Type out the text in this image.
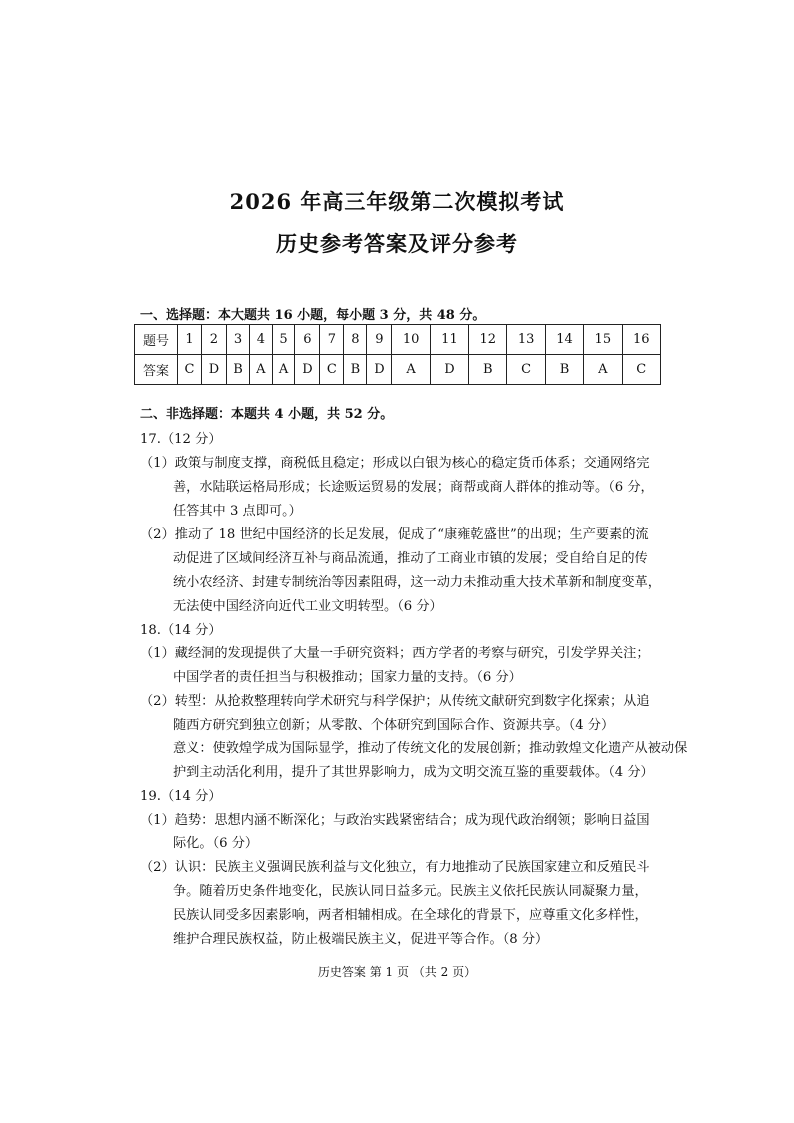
2026 年高三年级第二次模拟考试
历史参考答案及评分参考
一、选择题：本大题共 16 小题，每小题 3 分，共 48 分。
题号	1	2	3	4	5	6	7	8	9	10	11	12	13	14	15	16
答案	C	D	B	A	A	D	C	B	D	A	D	B	C	B	A	C
二、非选择题：本题共 4 小题，共 52 分。
17.（12 分）
（1）政策与制度支撑，商税低且稳定；形成以白银为核心的稳定货币体系；交通网络完
善，水陆联运格局形成；长途贩运贸易的发展；商帮或商人群体的推动等。（6 分，
任答其中 3 点即可。）
（2）推动了 18 世纪中国经济的长足发展，促成了“康雍乾盛世”的出现；生产要素的流
动促进了区域间经济互补与商品流通，推动了工商业市镇的发展；受自给自足的传
统小农经济、封建专制统治等因素阻碍，这一动力未推动重大技术革新和制度变革，
无法使中国经济向近代工业文明转型。（6 分）
18.（14 分）
（1）藏经洞的发现提供了大量一手研究资料；西方学者的考察与研究，引发学界关注；
中国学者的责任担当与积极推动；国家力量的支持。（6 分）
（2）转型：从抢救整理转向学术研究与科学保护；从传统文献研究到数字化探索；从追
随西方研究到独立创新；从零散、个体研究到国际合作、资源共享。（4 分）
意义：使敦煌学成为国际显学，推动了传统文化的发展创新；推动敦煌文化遗产从被动保
护到主动活化利用，提升了其世界影响力，成为文明交流互鉴的重要载体。（4 分）
19.（14 分）
（1）趋势：思想内涵不断深化；与政治实践紧密结合；成为现代政治纲领；影响日益国
际化。（6 分）
（2）认识：民族主义强调民族利益与文化独立，有力地推动了民族国家建立和反殖民斗
争。随着历史条件地变化，民族认同日益多元。民族主义依托民族认同凝聚力量，
民族认同受多因素影响，两者相辅相成。在全球化的背景下，应尊重文化多样性，
维护合理民族权益，防止极端民族主义，促进平等合作。（8 分）
历史答案 第 1 页 （共 2 页）
